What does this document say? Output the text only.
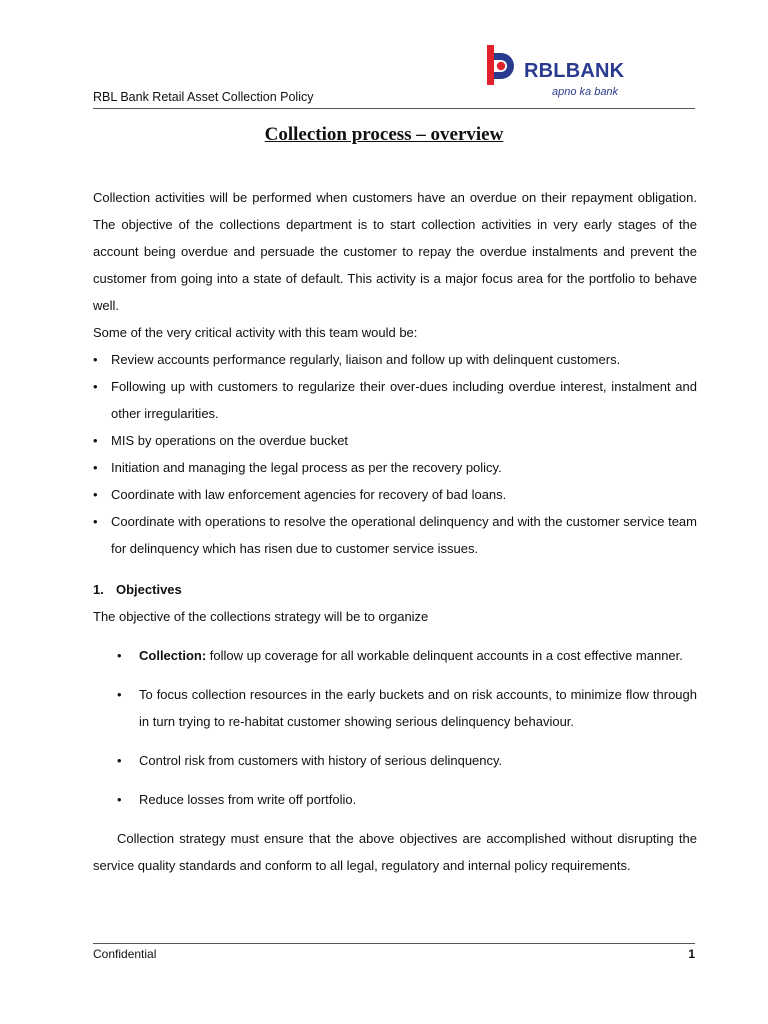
RBLBANK
apno ka bank
RBL Bank Retail Asset Collection Policy
Collection process – overview

Collection activities will be performed when customers have an overdue on their repayment obligation. The objective of the collections department is to start collection activities in very early stages of the account being overdue and persuade the customer to repay the overdue instalments and prevent the customer from going into a state of default. This activity is a major focus area for the portfolio to behave well.

Some of the very critical activity with this team would be:

• Review accounts performance regularly, liaison and follow up with delinquent customers.
• Following up with customers to regularize their over-dues including overdue interest, instalment and other irregularities.
• MIS by operations on the overdue bucket
• Initiation and managing the legal process as per the recovery policy.
• Coordinate with law enforcement agencies for recovery of bad loans.
• Coordinate with operations to resolve the operational delinquency and with the customer service team for delinquency which has risen due to customer service issues.

1. Objectives

The objective of the collections strategy will be to organize

• Collection: follow up coverage for all workable delinquent accounts in a cost effective manner.
• To focus collection resources in the early buckets and on risk accounts, to minimize flow through in turn trying to re-habitat customer showing serious delinquency behaviour.
• Control risk from customers with history of serious delinquency.
• Reduce losses from write off portfolio.

Collection strategy must ensure that the above objectives are accomplished without disrupting the service quality standards and conform to all legal, regulatory and internal policy requirements.

Confidential	1
